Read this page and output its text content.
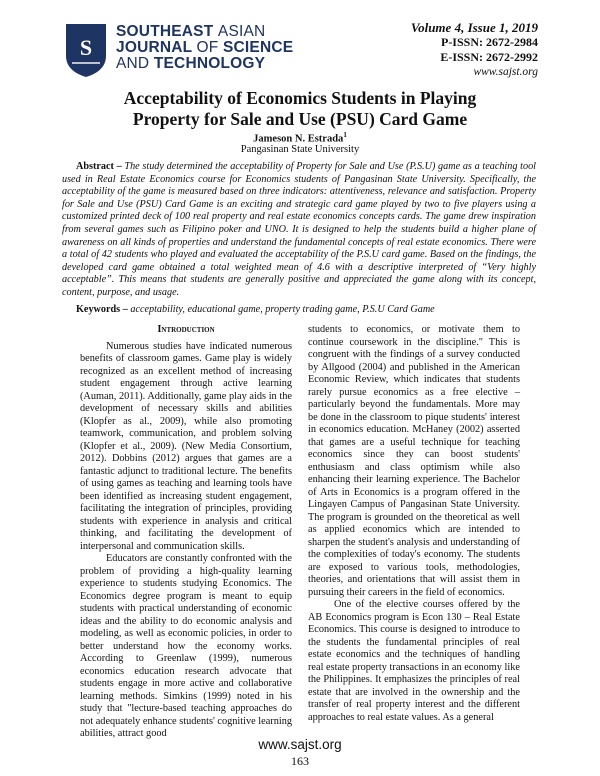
S
SOUTHEAST ASIAN
JOURNAL OF SCIENCE
AND TECHNOLOGY
Volume 4, Issue 1, 2019
P-ISSN: 2672-2984
E-ISSN: 2672-2992
www.sajst.org
Acceptability of Economics Students in Playing
Property for Sale and Use (PSU) Card Game
Jameson N. Estrada$^1$
Pangasinan State University
Abstract – The study determined the acceptability of Property for Sale and Use (P.S.U) game as a teaching tool used in Real Estate Economics course for Economics students of Pangasinan State University. Specifically, the acceptability of the game is measured based on three indicators: attentiveness, relevance and satisfaction. Property for Sale and Use (PSU) Card Game is an exciting and strategic card game played by two to five players using a customized printed deck of 100 real property and real estate economics concepts cards. The game drew inspiration from several games such as Filipino poker and UNO. It is designed to help the students build a higher plane of awareness on all kinds of properties and understand the fundamental concepts of real estate economics. There were a total of 42 students who played and evaluated the acceptability of the P.S.U card game. Based on the findings, the developed card game obtained a total weighted mean of 4.6 with a descriptive interpreted of “Very highly acceptable”. This means that students are generally positive and appreciated the game along with its concept, content, purpose, and usage.
Keywords – acceptability, educational game, property trading game, P.S.U Card Game

Introduction

Numerous studies have indicated numerous benefits of classroom games. Game play is widely recognized as an excellent method of increasing student engagement through active learning (Auman, 2011). Additionally, game play aids in the development of necessary skills and abilities (Klopfer as al., 2009), while also promoting teamwork, communication, and problem solving (Klopfer et al., 2009). (New Media Consortium, 2012). Dobbins (2012) argues that games are a fantastic adjunct to traditional lecture. The benefits of using games as teaching and learning tools have been identified as increasing student engagement, facilitating the integration of principles, providing students with experience in analysis and critical thinking, and facilitating the development of interpersonal and communication skills.

Educators are constantly confronted with the problem of providing a high-quality learning experience to students studying Economics. The Economics degree program is meant to equip students with practical understanding of economic ideas and the ability to do economic analysis and modeling, as well as economic policies, in order to better understand how the economy works. According to Greenlaw (1999), numerous economics education research advocate that students engage in more active and collaborative learning methods. Simkins (1999) noted in his study that "lecture-based teaching approaches do not adequately enhance students' cognitive learning abilities, attract good

students to economics, or motivate them to continue coursework in the discipline." This is congruent with the findings of a survey conducted by Allgood (2004) and published in the American Economic Review, which indicates that students rarely pursue economics as a free elective – particularly beyond the fundamentals. More may be done in the classroom to pique students' interest in economics education. McHaney (2002) asserted that games are a useful technique for teaching economics since they can boost students' enthusiasm and class optimism while also enhancing their learning experience. The Bachelor of Arts in Economics is a program offered in the Lingayen Campus of Pangasinan State University. The program is grounded on the theoretical as well as applied economics which are intended to sharpen the student's analysis and understanding of the complexities of today's economy. The students are exposed to various tools, methodologies, theories, and orientations that will assist them in pursuing their careers in the field of economics.

One of the elective courses offered by the AB Economics program is Econ 130 – Real Estate Economics. This course is designed to introduce to the students the fundamental principles of real estate economics and the techniques of handling real estate property transactions in an economy like the Philippines. It emphasizes the principles of real estate that are involved in the ownership and the transfer of real property interest and the different approaches to real estate values. As a general

www.sajst.org
163
